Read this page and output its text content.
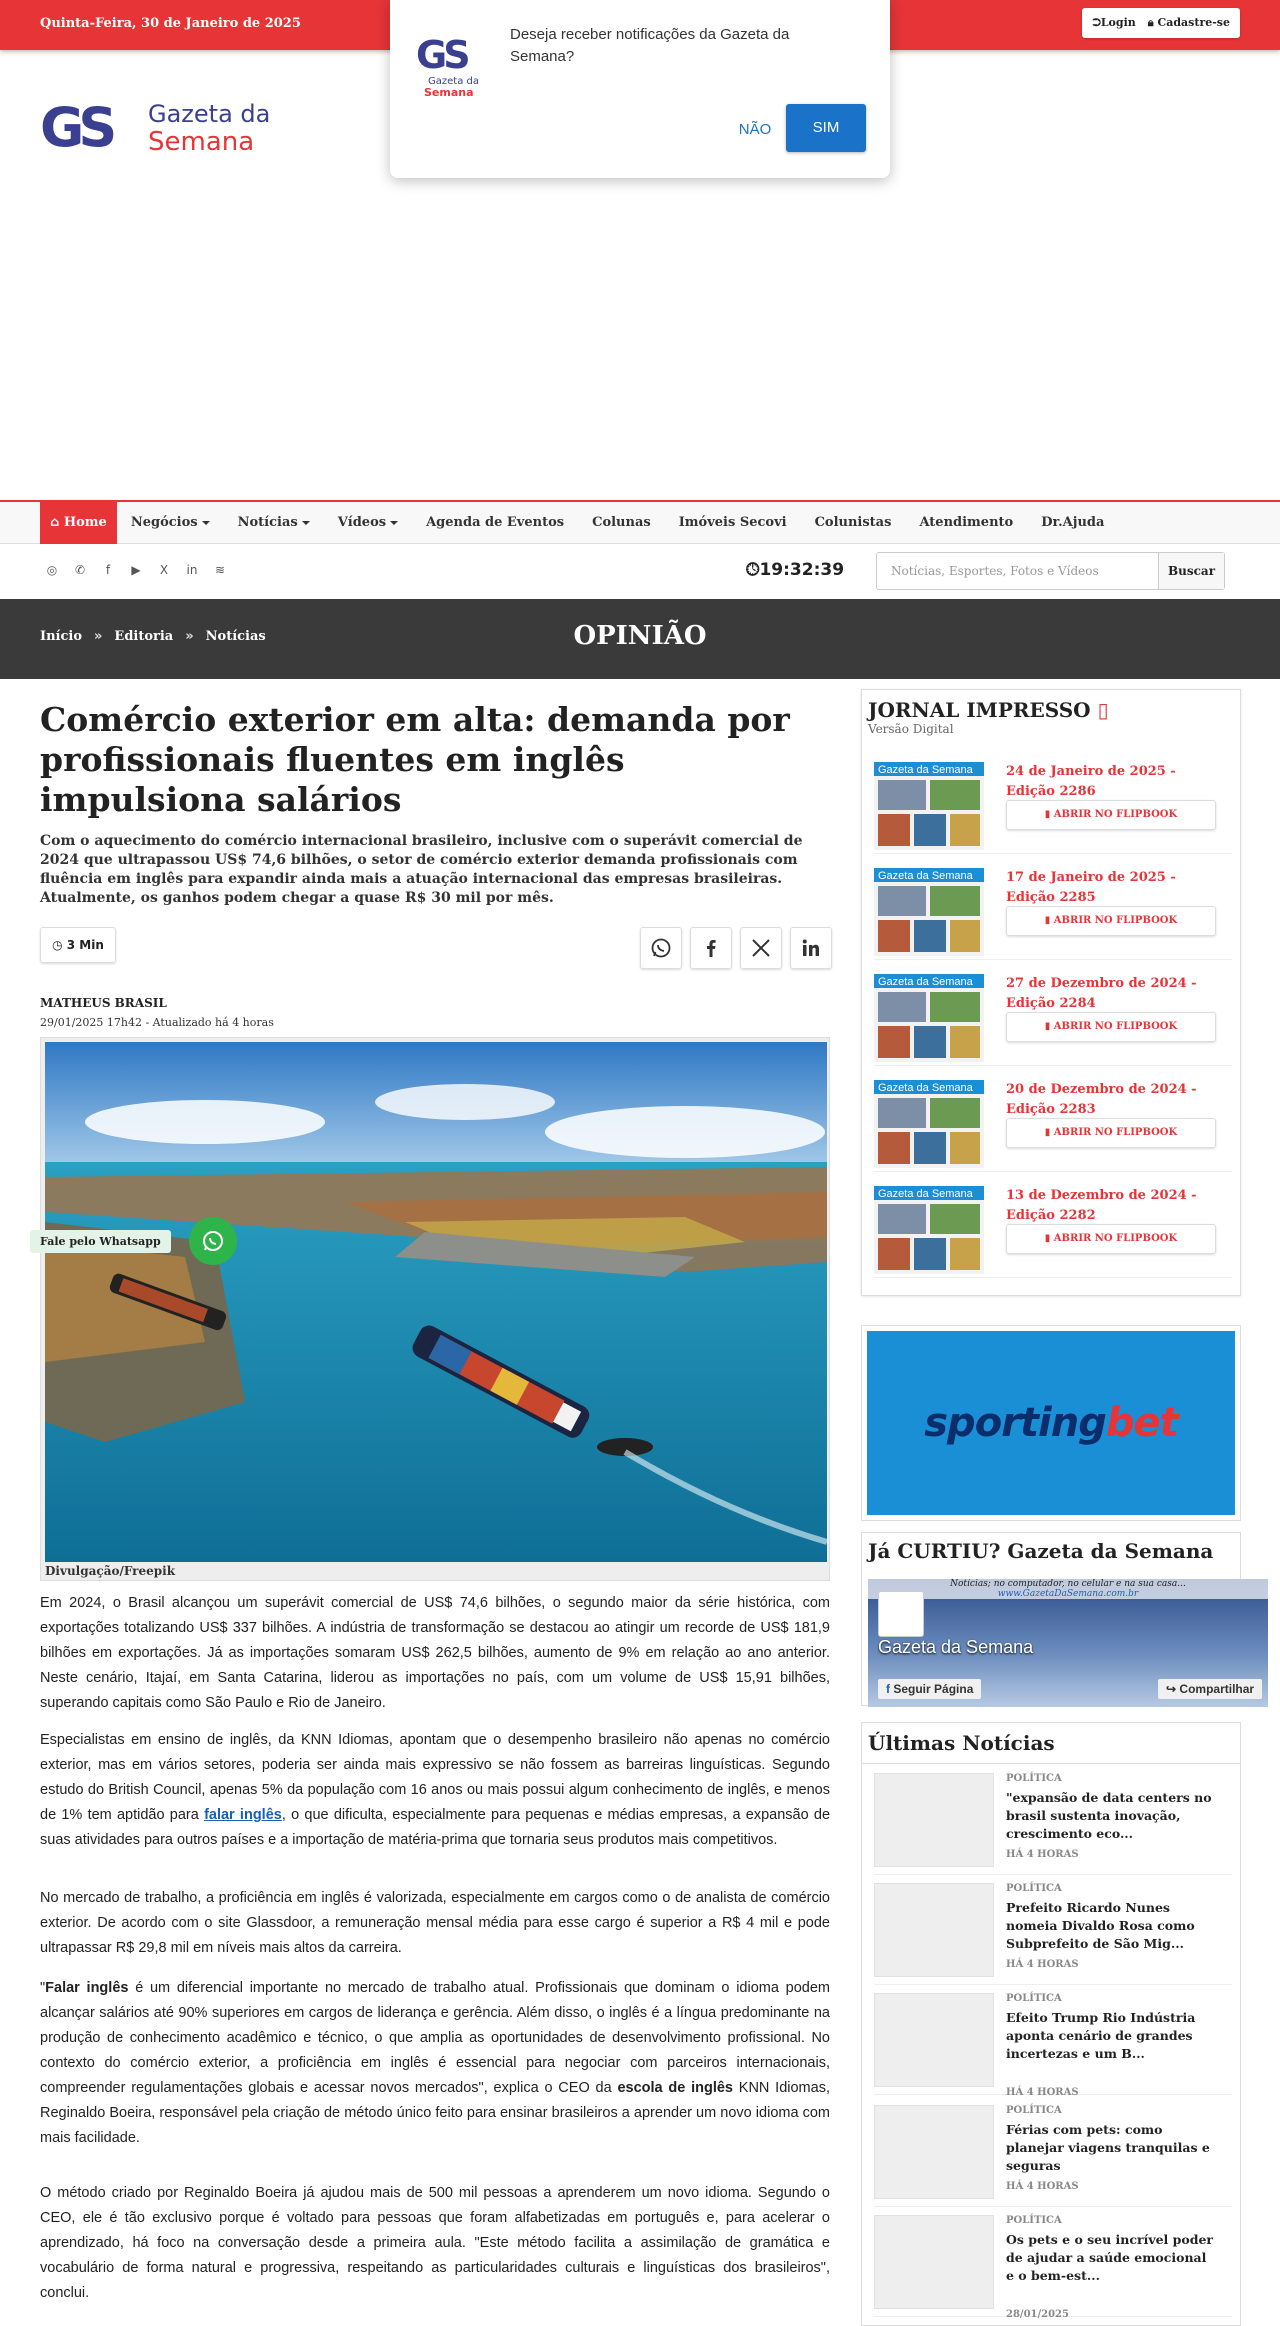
Quinta-Feira, 30 de Janeiro de 2025	⮊Login	🔒︎ Cadastre-se
GS Gazeta da
Semana
⌂ Home	Negócios	Notícias	Vídeos	Agenda de Eventos	Colunas	Imóveis Secovi	Colunistas	Atendimento	Dr.Ajuda
◎ ✆	f	▶	X	in ≋	🕓︎19:32:39	Notícias, Esportes, Fotos e Vídeos	Buscar
OPINIÃO
Início » Editoria » Notícias
Comércio exterior em alta: demanda por profissionais fluentes em inglês impulsiona salários

Com o aquecimento do comércio internacional brasileiro, inclusive com o superávit comercial de 2024 que ultrapassou US$ 74,6 bilhões, o setor de comércio exterior demanda profissionais com fluência em inglês para expandir ainda mais a atuação internacional das empresas brasileiras. Atualmente, os ganhos podem chegar a quase R$ 30 mil por mês.

◷ 3 Min
MATHEUS BRASIL
29/01/2025 17h42 - Atualizado há 4 horas
Divulgação/Freepik
Fale pelo Whatsapp

Em 2024, o Brasil alcançou um superávit comercial de US$ 74,6 bilhões, o segundo maior da série histórica, com exportações totalizando US$ 337 bilhões. A indústria de transformação se destacou ao atingir um recorde de US$ 181,9 bilhões em exportações. Já as importações somaram US$ 262,5 bilhões, aumento de 9% em relação ao ano anterior. Neste cenário, Itajaí, em Santa Catarina, liderou as importações no país, com um volume de US$ 15,91 bilhões, superando capitais como São Paulo e Rio de Janeiro.

Especialistas em ensino de inglês, da KNN Idiomas, apontam que o desempenho brasileiro não apenas no comércio exterior, mas em vários setores, poderia ser ainda mais expressivo se não fossem as barreiras linguísticas. Segundo estudo do British Council, apenas 5% da população com 16 anos ou mais possui algum conhecimento de inglês, e menos de 1% tem aptidão para falar inglês, o que dificulta, especialmente para pequenas e médias empresas, a expansão de suas atividades para outros países e a importação de matéria-prima que tornaria seus produtos mais competitivos.

No mercado de trabalho, a proficiência em inglês é valorizada, especialmente em cargos como o de analista de comércio exterior. De acordo com o site Glassdoor, a remuneração mensal média para esse cargo é superior a R$ 4 mil e pode ultrapassar R$ 29,8 mil em níveis mais altos da carreira.

"Falar inglês é um diferencial importante no mercado de trabalho atual. Profissionais que dominam o idioma podem alcançar salários até 90% superiores em cargos de liderança e gerência. Além disso, o inglês é a língua predominante na produção de conhecimento acadêmico e técnico, o que amplia as oportunidades de desenvolvimento profissional. No contexto do comércio exterior, a proficiência em inglês é essencial para negociar com parceiros internacionais, compreender regulamentações globais e acessar novos mercados", explica o CEO da escola de inglês KNN Idiomas, Reginaldo Boeira, responsável pela criação de método único feito para ensinar brasileiros a aprender um novo idioma com mais facilidade.

O método criado por Reginaldo Boeira já ajudou mais de 500 mil pessoas a aprenderem um novo idioma. Segundo o CEO, ele é tão exclusivo porque é voltado para pessoas que foram alfabetizadas em português e, para acelerar o aprendizado, há foco na conversação desde a primeira aula. "Este método facilita a assimilação de gramática e vocabulário de forma natural e progressiva, respeitando as particularidades culturais e linguísticas dos brasileiros", conclui.

JORNAL IMPRESSO ▯
Versão Digital
Gazeta da Semana	24 de Janeiro de 2025 - Edição 2286
▮ ABRIR NO FLIPBOOK
Gazeta da Semana	17 de Janeiro de 2025 - Edição 2285
▮ ABRIR NO FLIPBOOK
Gazeta da Semana	27 de Dezembro de 2024 - Edição 2284
▮ ABRIR NO FLIPBOOK
Gazeta da Semana	20 de Dezembro de 2024 - Edição 2283
▮ ABRIR NO FLIPBOOK
Gazeta da Semana	13 de Dezembro de 2024 - Edição 2282
▮ ABRIR NO FLIPBOOK
sportingbet
Já CURTIU? Gazeta da Semana
Notícias; no computador, no celular e na sua casa...
www.GazetaDaSemana.com.br
Gazeta da Semana
f Seguir Página	↪ Compartilhar
Últimas Notícias
POLÍTICA
"expansão de data centers no brasil sustenta inovação, crescimento eco...
HÁ 4 HORAS
POLÍTICA
Prefeito Ricardo Nunes nomeia Divaldo Rosa como Subprefeito de São Mig...
HÁ 4 HORAS
POLÍTICA
Efeito Trump Rio Indústria aponta cenário de grandes incertezas e um B...
HÁ 4 HORAS
POLÍTICA
Férias com pets: como planejar viagens tranquilas e seguras
HÁ 4 HORAS
POLÍTICA
Os pets e o seu incrível poder de ajudar a saúde emocional e o bem-est...
28/01/2025
GS
Gazeta da
Semana
Deseja receber notificações da Gazeta da Semana?
NÃO	SIM
